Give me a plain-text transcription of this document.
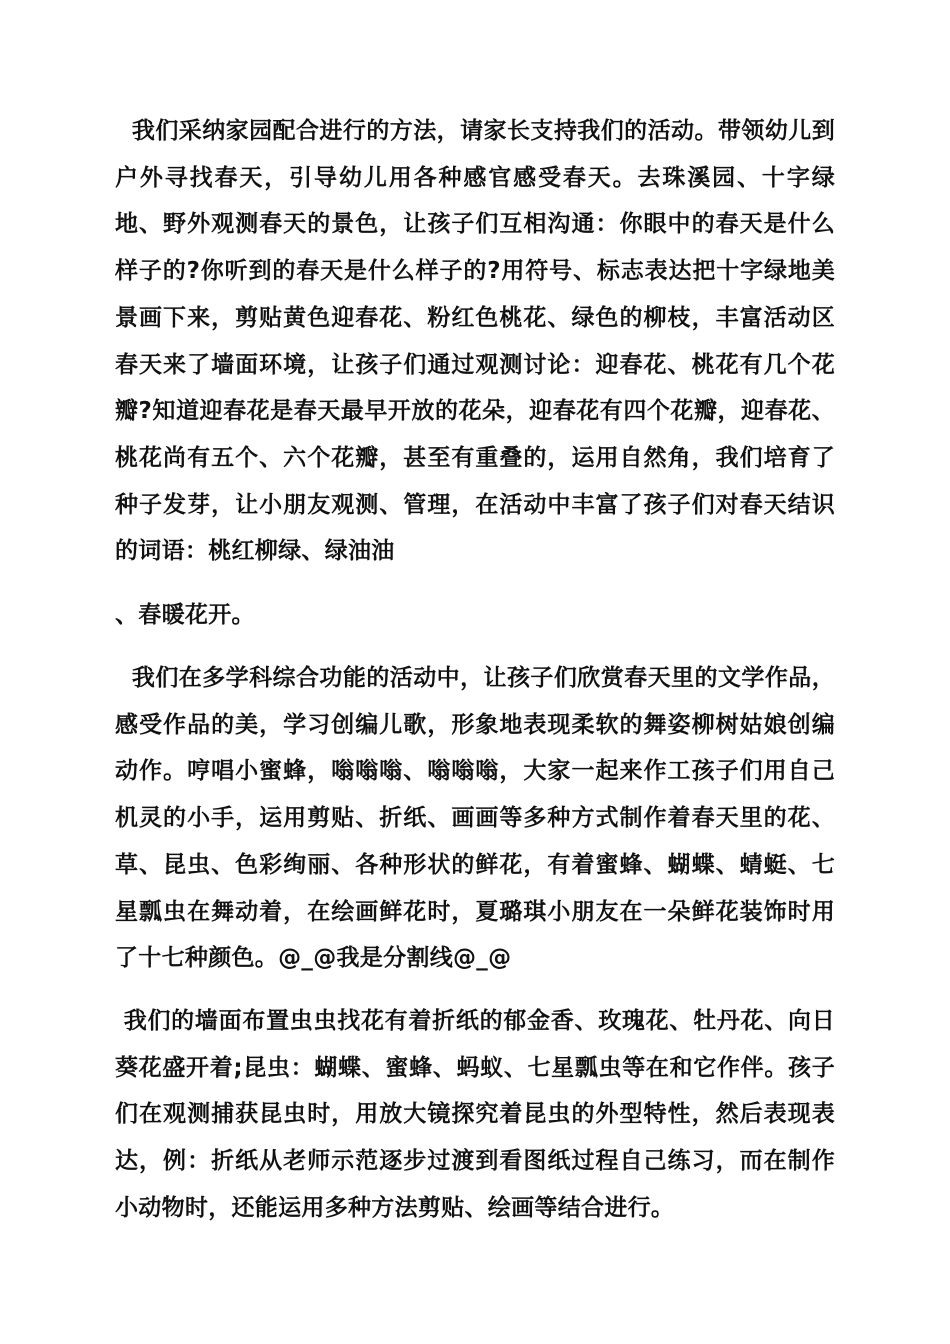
我们采纳家园配合进行的方法，请家长支持我们的活动。带领幼儿到户外寻找春天，引导幼儿用各种感官感受春天。去珠溪园、十字绿地、野外观测春天的景色，让孩子们互相沟通：你眼中的春天是什么样子的?你听到的春天是什么样子的?用符号、标志表达把十字绿地美景画下来，剪贴黄色迎春花、粉红色桃花、绿色的柳枝，丰富活动区春天来了墙面环境，让孩子们通过观测讨论：迎春花、桃花有几个花瓣?知道迎春花是春天最早开放的花朵，迎春花有四个花瓣，迎春花、桃花尚有五个、六个花瓣，甚至有重叠的，运用自然角，我们培育了种子发芽，让小朋友观测、管理，在活动中丰富了孩子们对春天结识的词语：桃红柳绿、绿油油

、春暖花开。

我们在多学科综合功能的活动中，让孩子们欣赏春天里的文学作品，感受作品的美，学习创编儿歌，形象地表现柔软的舞姿柳树姑娘创编动作。哼唱小蜜蜂，嗡嗡嗡、嗡嗡嗡，大家一起来作工孩子们用自己机灵的小手，运用剪贴、折纸、画画等多种方式制作着春天里的花、草、昆虫、色彩绚丽、各种形状的鲜花，有着蜜蜂、蝴蝶、蜻蜓、七星瓢虫在舞动着，在绘画鲜花时，夏璐琪小朋友在一朵鲜花装饰时用了十七种颜色。@_@我是分割线@_@

我们的墙面布置虫虫找花有着折纸的郁金香、玫瑰花、牡丹花、向日葵花盛开着;昆虫：蝴蝶、蜜蜂、蚂蚁、七星瓢虫等在和它作伴。孩子们在观测捕获昆虫时，用放大镜探究着昆虫的外型特性，然后表现表达，例：折纸从老师示范逐步过渡到看图纸过程自己练习，而在制作小动物时，还能运用多种方法剪贴、绘画等结合进行。
